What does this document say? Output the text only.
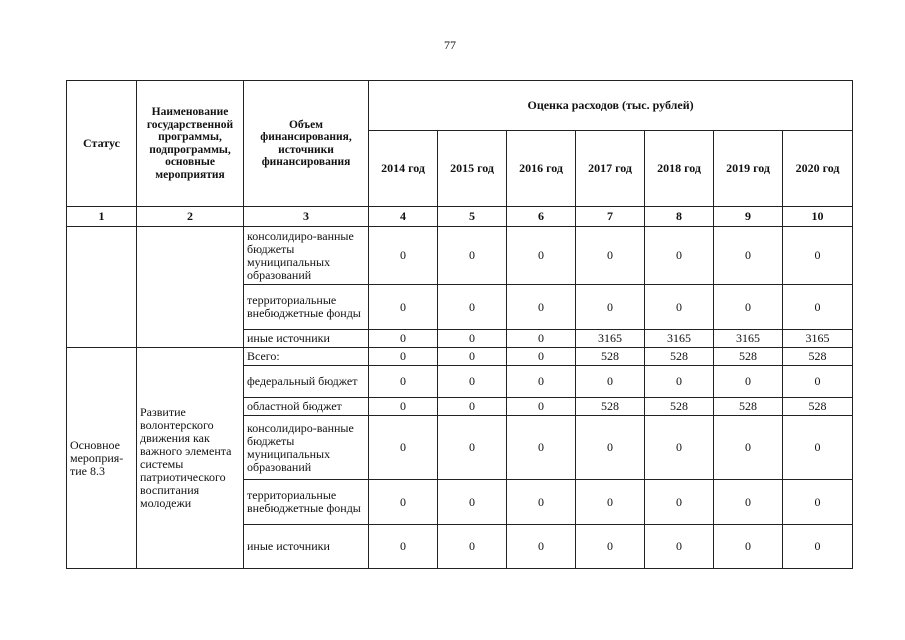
77
Статус	Наименование государственной программы, подпрограммы, основные мероприятия	Объем финансирования, источники финансирования	Оценка расходов (тыс. рублей)						
			2014 год	2015 год	2016 год	2017 год	2018 год	2019 год	2020 год
1	2	3	4	5	6	7	8	9	10
		консолидиро-ванные бюджеты муниципальных образований	0	0	0	0	0	0	0
		территориальные внебюджетные фонды	0	0	0	0	0	0	0
		иные источники	0	0	0	3165	3165	3165	3165
Основное мероприя-тие 8.3	Развитие волонтерского движения как важного элемента системы патриотического воспитания молодежи	Всего:	0	0	0	528	528	528	528
		федеральный бюджет	0	0	0	0	0	0	0
		областной бюджет	0	0	0	528	528	528	528
		консолидиро-ванные бюджеты муниципальных образований	0	0	0	0	0	0	0
		территориальные внебюджетные фонды	0	0	0	0	0	0	0
		иные источники	0	0	0	0	0	0	0
